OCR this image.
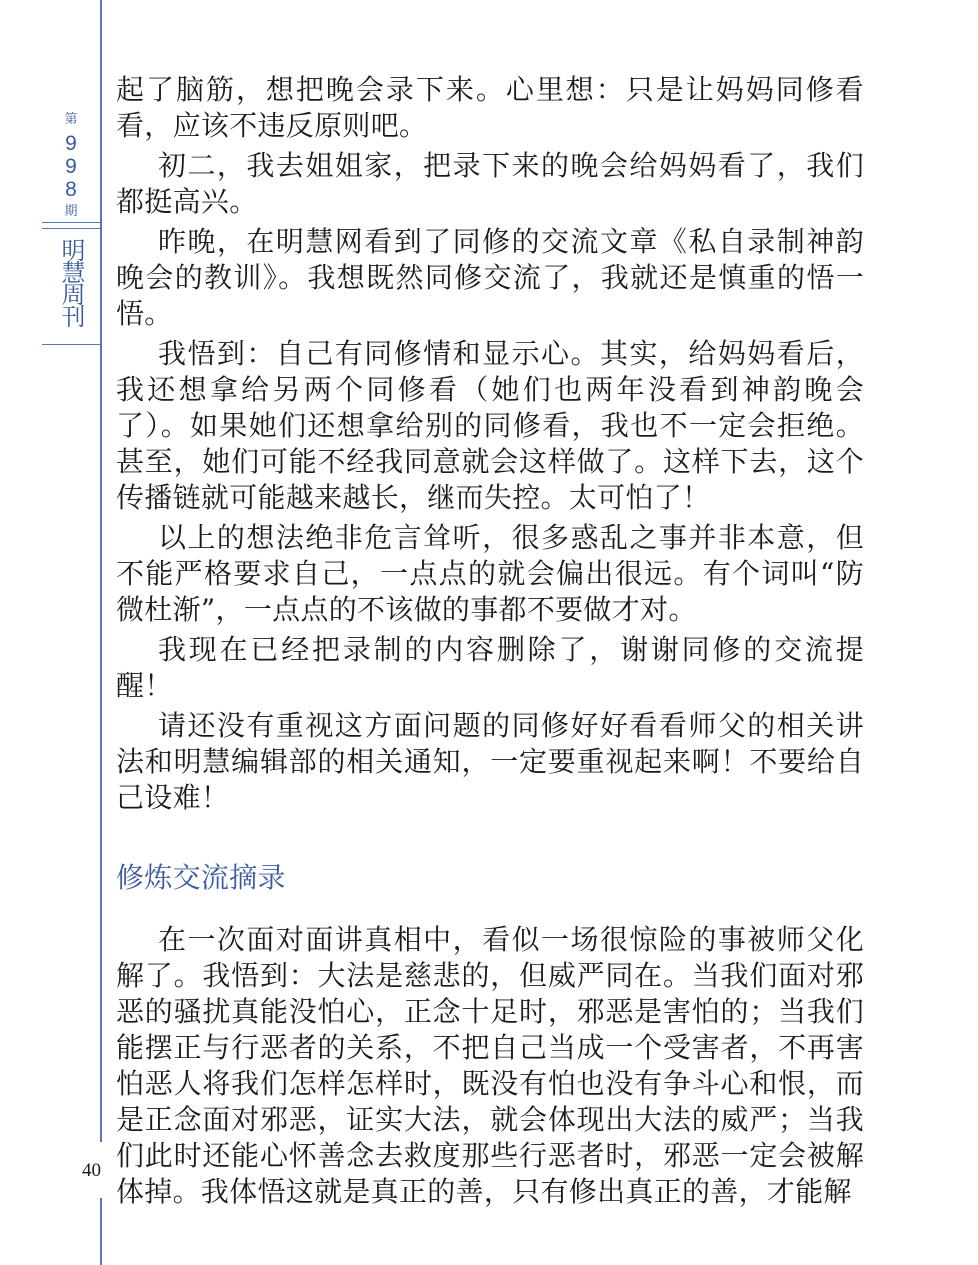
第
9
9
8
期
明慧周刊

起了脑筋，想把晚会录下来。心里想：只是让妈妈同修看看，应该不违反原则吧。

初二，我去姐姐家，把录下来的晚会给妈妈看了，我们都挺高兴。

昨晚，在明慧网看到了同修的交流文章《私自录制神韵晚会的教训》。我想既然同修交流了，我就还是慎重的悟一悟。

我悟到：自己有同修情和显示心。其实，给妈妈看后，我还想拿给另两个同修看（她们也两年没看到神韵晚会了）。如果她们还想拿给别的同修看，我也不一定会拒绝。甚至，她们可能不经我同意就会这样做了。这样下去，这个传播链就可能越来越长，继而失控。太可怕了！

以上的想法绝非危言耸听，很多惑乱之事并非本意，但不能严格要求自己，一点点的就会偏出很远。有个词叫“防微杜渐”，一点点的不该做的事都不要做才对。

我现在已经把录制的内容删除了，谢谢同修的交流提醒！

请还没有重视这方面问题的同修好好看看师父的相关讲法和明慧编辑部的相关通知，一定要重视起来啊！不要给自己设难！

修炼交流摘录

在一次面对面讲真相中，看似一场很惊险的事被师父化解了。我悟到：大法是慈悲的，但威严同在。当我们面对邪恶的骚扰真能没怕心，正念十足时，邪恶是害怕的；当我们能摆正与行恶者的关系，不把自己当成一个受害者，不再害怕恶人将我们怎样怎样时，既没有怕也没有争斗心和恨，而是正念面对邪恶，证实大法，就会体现出大法的威严；当我们此时还能心怀善念去救度那些行恶者时，邪恶一定会被解体掉。我体悟这就是真正的善，只有修出真正的善，才能解

40
